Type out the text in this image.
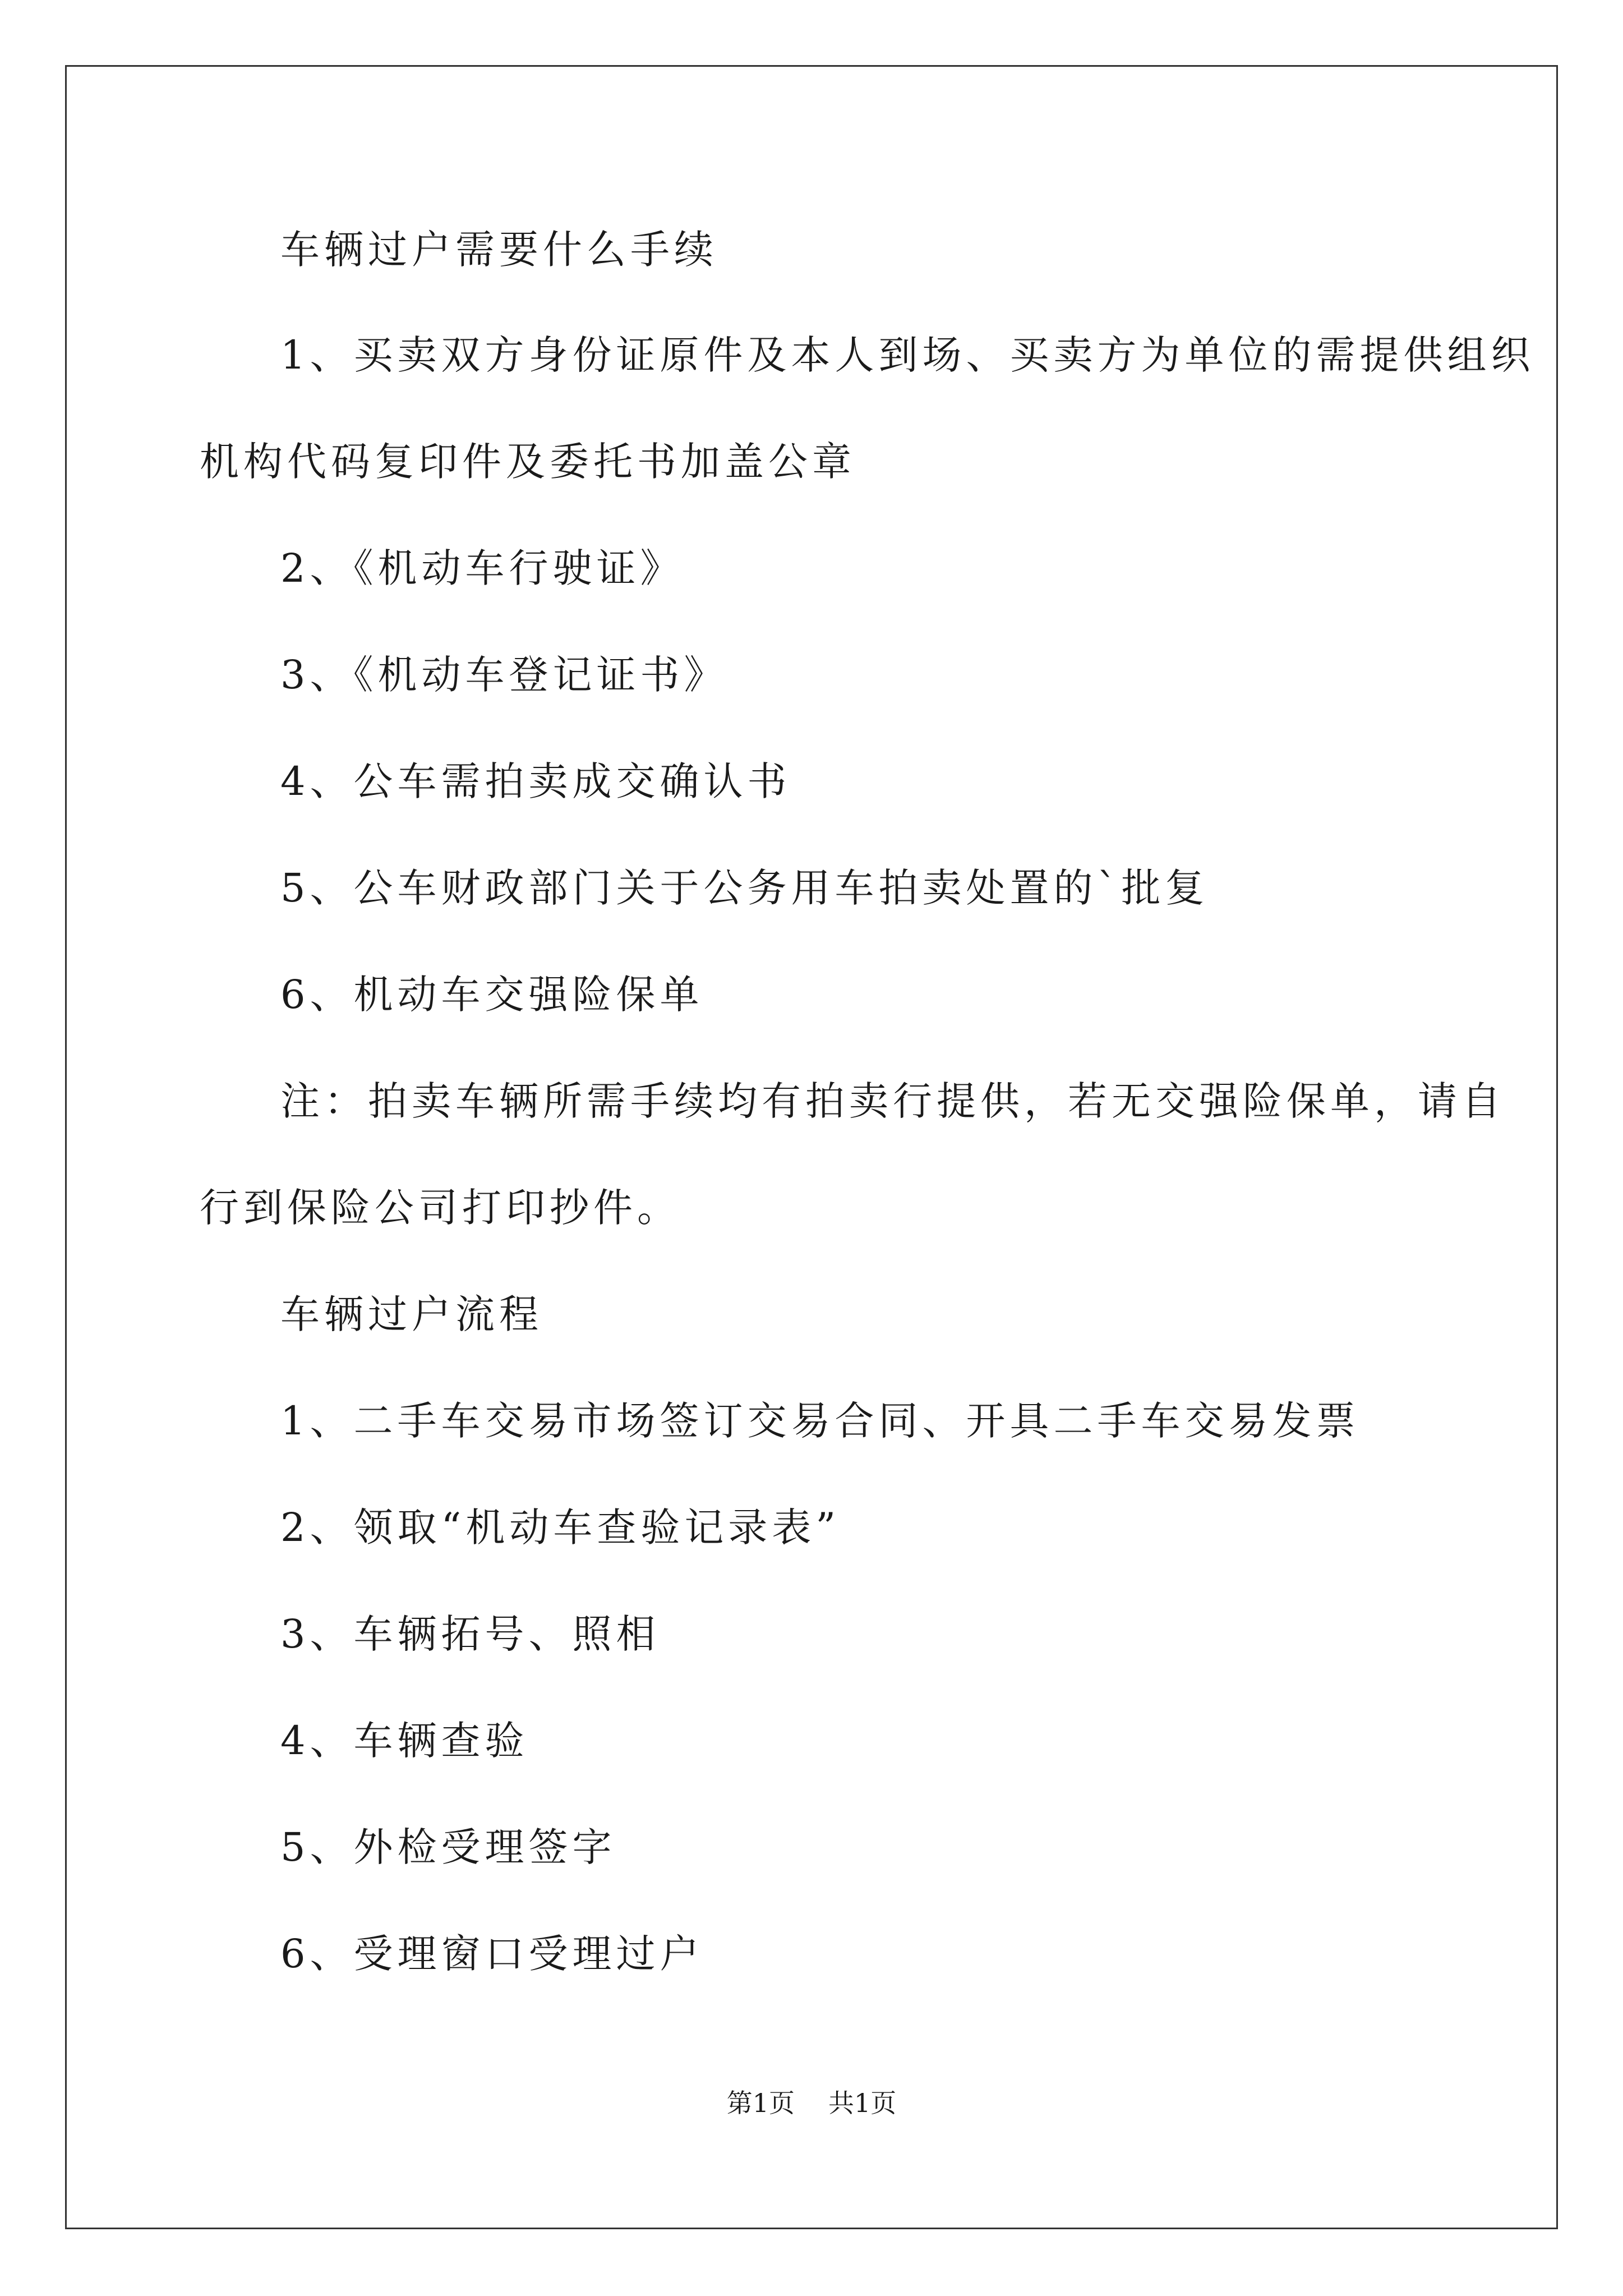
车辆过户需要什么手续
1、买卖双方身份证原件及本人到场、买卖方为单位的需提供组织
机构代码复印件及委托书加盖公章
2、《机动车行驶证》
3、《机动车登记证书》
4、公车需拍卖成交确认书
5、公车财政部门关于公务用车拍卖处置的`批复
6、机动车交强险保单
注：拍卖车辆所需手续均有拍卖行提供，若无交强险保单，请自
行到保险公司打印抄件。
车辆过户流程
1、二手车交易市场签订交易合同、开具二手车交易发票
2、领取“机动车查验记录表”
3、车辆拓号、照相
4、车辆查验
5、外检受理签字
6、受理窗口受理过户
第1页 共1页
